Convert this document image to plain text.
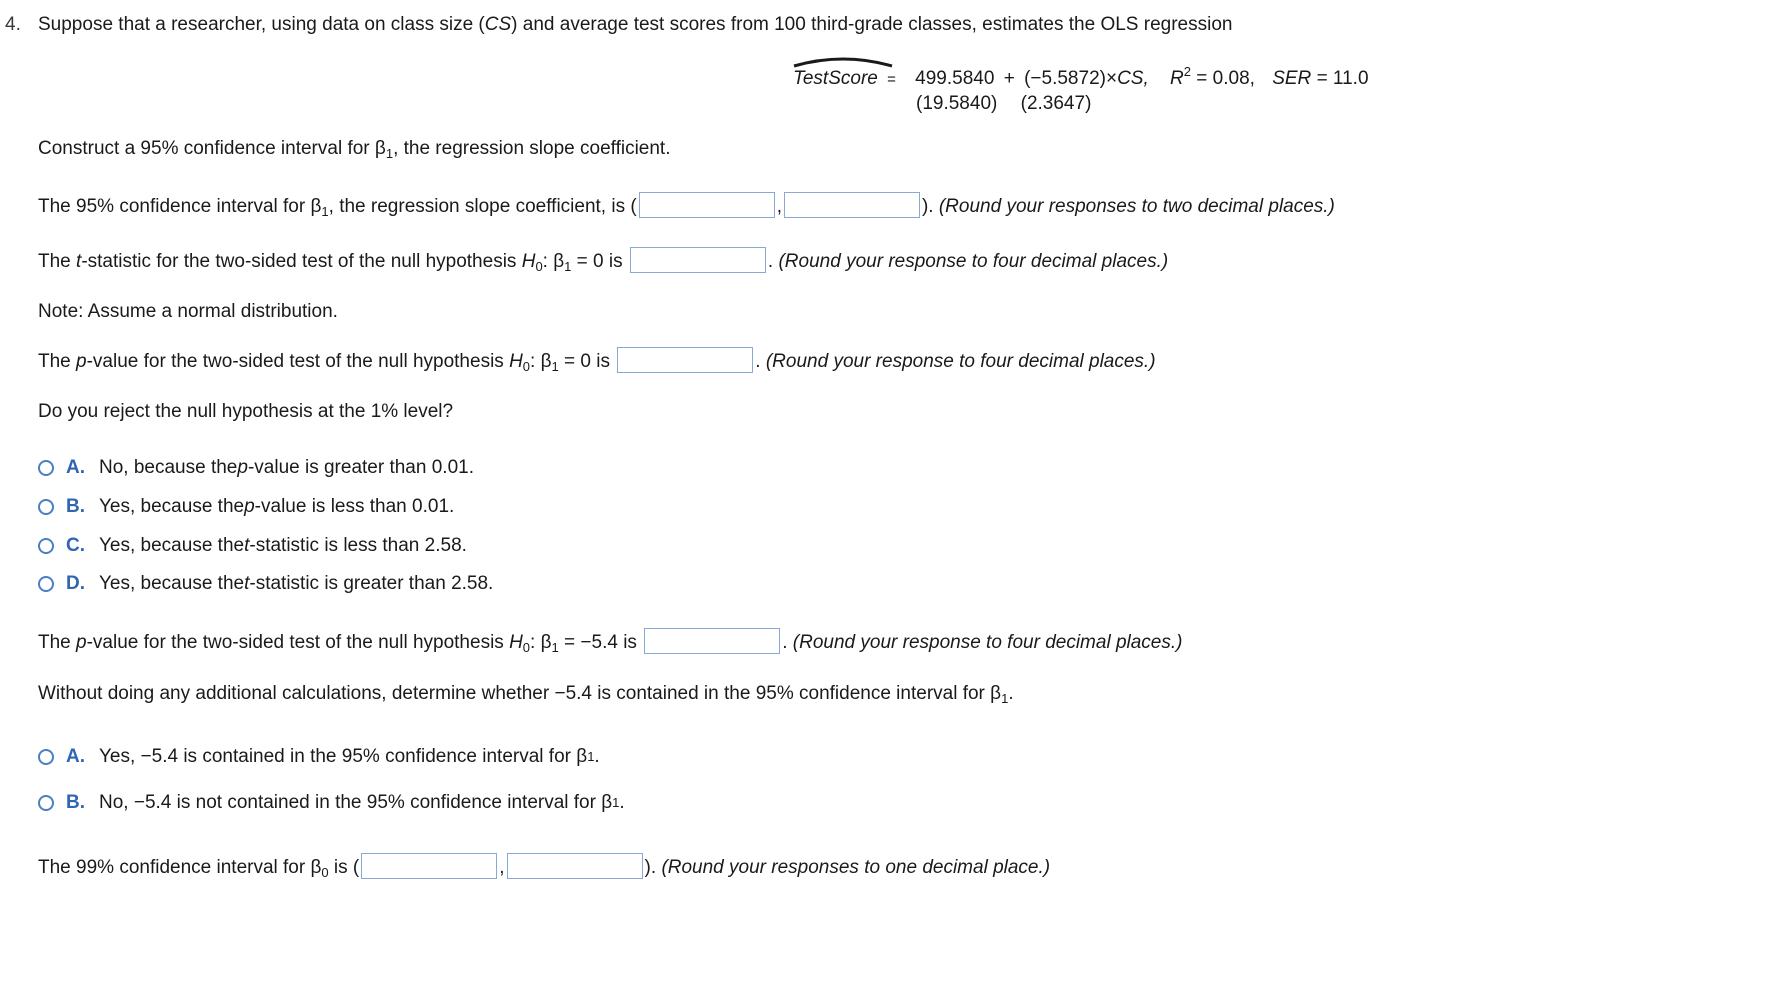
4. Suppose that a researcher, using data on class size (CS) and average test scores from 100 third-grade classes, estimates the OLS regression
TestScore = 499.5840 + (−5.5872)×CS, $R^2 = 0.08$, SER = 11.0
(19.5840) (2.3647)
Construct a 95% confidence interval for $\beta_1$, the regression slope coefficient.
The 95% confidence interval for $\beta_1$, the regression slope coefficient, is (	,	). (Round your responses to two decimal places.)
The t-statistic for the two-sided test of the null hypothesis $H_0$: $\beta_1 = 0$ is	. (Round your response to four decimal places.)
Note: Assume a normal distribution.
The p-value for the two-sided test of the null hypothesis $H_0$: $\beta_1 = 0$ is	. (Round your response to four decimal places.)
Do you reject the null hypothesis at the 1% level?
A. No, because the p -value is greater than 0.01.
B. Yes, because the p -value is less than 0.01.
C. Yes, because the t -statistic is less than 2.58.
D. Yes, because the t -statistic is greater than 2.58.
The p-value for the two-sided test of the null hypothesis $H_0$: $\beta_1 = -5.4$ is	. (Round your response to four decimal places.)
Without doing any additional calculations, determine whether −5.4 is contained in the 95% confidence interval for $\beta_1$.
A. Yes, −5.4 is contained in the 95% confidence interval for β 1 .
B. No, −5.4 is not contained in the 95% confidence interval for β 1 .
The 99% confidence interval for $\beta_0$ is (	,	). (Round your responses to one decimal place.)
